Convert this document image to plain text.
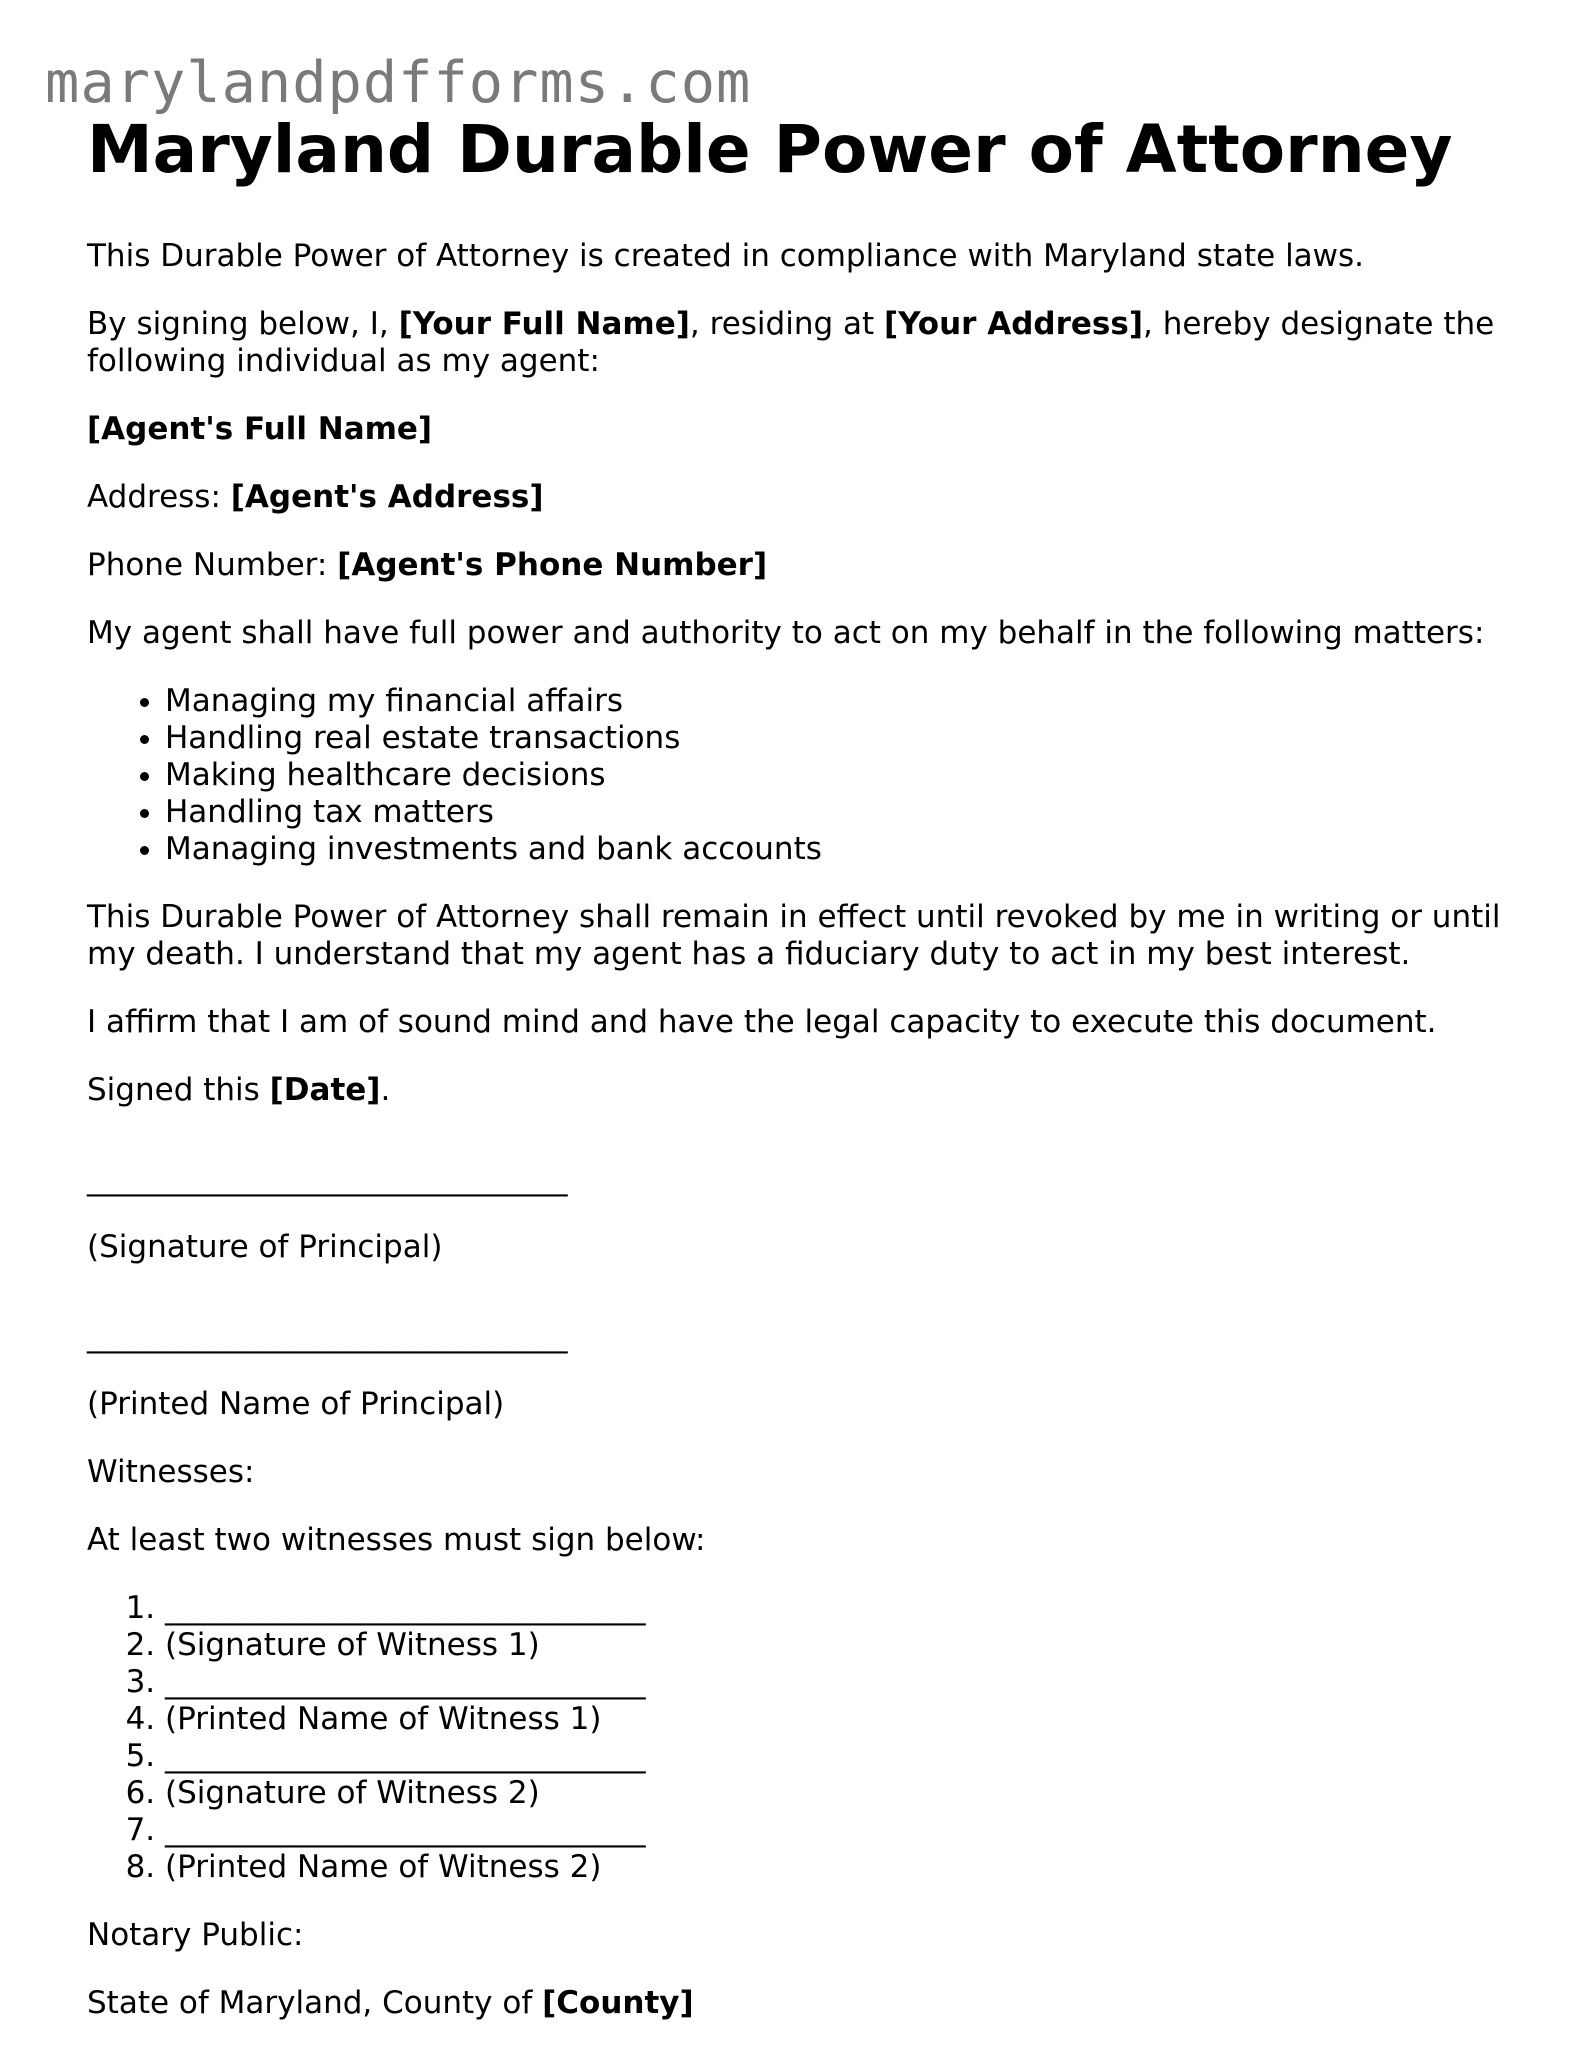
marylandpdfforms.com
Maryland Durable Power of Attorney

This Durable Power of Attorney is created in compliance with Maryland state laws.

By signing below, I, [Your Full Name], residing at [Your Address], hereby designate the following individual as my agent:

[Agent's Full Name]

Address: [Agent's Address]

Phone Number: [Agent's Phone Number]

My agent shall have full power and authority to act on my behalf in the following matters:

• Managing my financial affairs
• Handling real estate transactions
• Making healthcare decisions
• Handling tax matters
• Managing investments and bank accounts

This Durable Power of Attorney shall remain in effect until revoked by me in writing or until my death. I understand that my agent has a fiduciary duty to act in my best interest.

I affirm that I am of sound mind and have the legal capacity to execute this document.

Signed this [Date].

_______________________________

(Signature of Principal)

_______________________________

(Printed Name of Principal)

Witnesses:

At least two witnesses must sign below:

1. _______________________________
2. (Signature of Witness 1)
3. _______________________________
4. (Printed Name of Witness 1)
5. _______________________________
6. (Signature of Witness 2)
7. _______________________________
8. (Printed Name of Witness 2)

Notary Public:

State of Maryland, County of [County]
